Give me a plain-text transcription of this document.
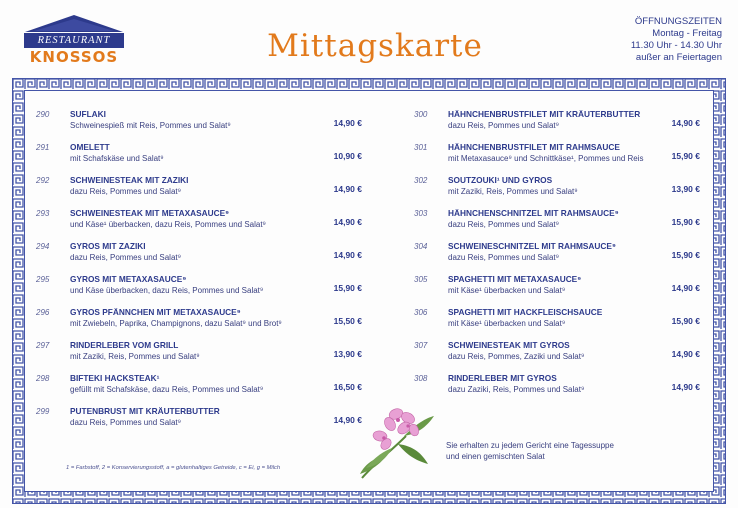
RESTAURANT
KNOSSOS	Mittagskarte
ÖFFNUNGSZEITEN
Montag - Freitag
11.30 Uhr - 14.30 Uhr
außer an Feiertagen
290 SUFLAKI
Schweinespieß mit Reis, Pommes und Salat⁹	14,90 €
291 OMELETT
mit Schafskäse und Salat⁹	10,90 €
292 SCHWEINESTEAK MIT ZAZIKI
dazu Reis, Pommes und Salat⁹	14,90 €
293 SCHWEINESTEAK MIT METAXASAUCE⁹
und Käse¹ überbacken, dazu Reis, Pommes und Salat⁹	14,90 €
294 GYROS MIT ZAZIKI
dazu Reis, Pommes und Salat⁹	14,90 €
295 GYROS MIT METAXASAUCE⁹
und Käse überbacken, dazu Reis, Pommes und Salat⁹	15,90 €
296 GYROS PFÄNNCHEN MIT METAXASAUCE⁹
mit Zwiebeln, Paprika, Champignons, dazu Salat⁹ und Brot⁹	15,50 €
297 RINDERLEBER VOM GRILL
mit Zaziki, Reis, Pommes und Salat⁹	13,90 €
298 BIFTEKI HACKSTEAK¹
gefüllt mit Schafskäse, dazu Reis, Pommes und Salat⁹	16,50 €
299 PUTENBRUST MIT KRÄUTERBUTTER
dazu Reis, Pommes und Salat⁹	14,90 €
300 HÄHNCHENBRUSTFILET MIT KRÄUTERBUTTER
dazu Reis, Pommes und Salat⁹	14,90 €
301 HÄHNCHENBRUSTFILET MIT RAHMSAUCE
mit Metaxasauce⁹ und Schnittkäse¹, Pommes und Reis	15,90 €
302 SOUTZOUKI¹ UND GYROS
mit Zaziki, Reis, Pommes und Salat⁹	13,90 €
303 HÄHNCHENSCHNITZEL MIT RAHMSAUCE⁹
dazu Reis, Pommes und Salat⁹	15,90 €
304 SCHWEINESCHNITZEL MIT RAHMSAUCE⁹
dazu Reis, Pommes und Salat⁹	15,90 €
305 SPAGHETTI MIT METAXASAUCE⁹
mit Käse¹ überbacken und Salat⁹	14,90 €
306 SPAGHETTI MIT HACKFLEISCHSAUCE
mit Käse¹ überbacken und Salat⁹	15,90 €
307 SCHWEINESTEAK MIT GYROS
dazu Reis, Pommes, Zaziki und Salat⁹	14,90 €
308 RINDERLEBER MIT GYROS
dazu Zaziki, Reis, Pommes und Salat⁹	14,90 €
Sie erhalten zu jedem Gericht eine Tagessuppe
und einen gemischten Salat
1 = Farbstoff, 2 = Konservierungsstoff, a = glutenhaltiges Getreide, c = Ei, g = Milch
